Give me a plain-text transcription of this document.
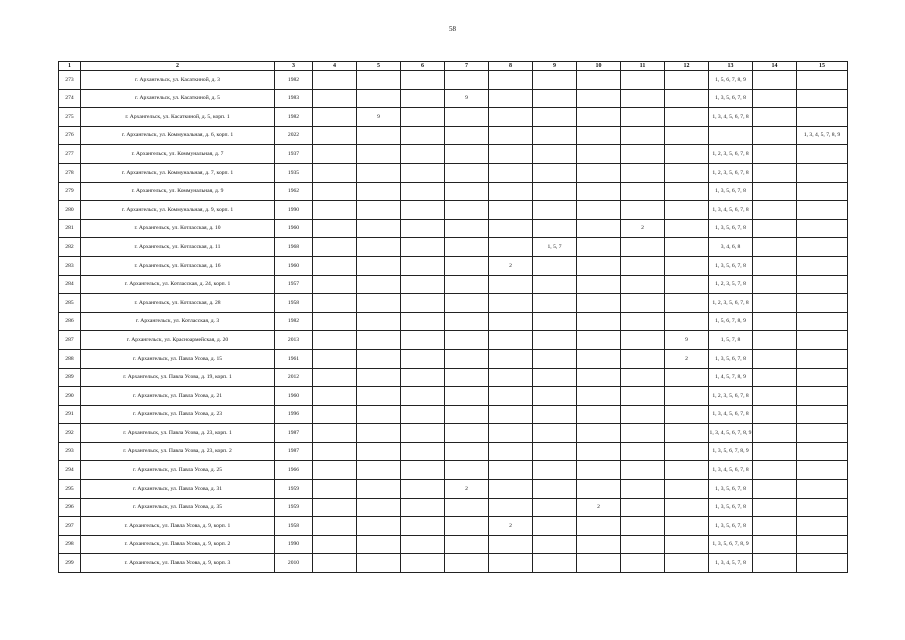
58
1	2	3	4	5	6	7	8	9	10	11	12	13	14	15
273	г. Архангельск, ул. Касаткиной, д. 3	1982										1, 5, 6, 7, 8, 9		
274	г. Архангельск, ул. Касаткиной, д. 5	1983				9						1, 3, 5, 6, 7, 8		
275	г. Архангельск, ул. Касаткиной, д. 5, корп. 1	1982		9								1, 3, 4, 5, 6, 7, 8		
276	г. Архангельск, ул. Коммунальная, д. 6, корп. 1	2022												1, 3, 4, 5, 7, 8, 9
277	г. Архангельск, ул. Коммунальная, д. 7	1937										1, 2, 3, 5, 6, 7, 8		
278	г. Архангельск, ул. Коммунальная, д. 7, корп. 1	1935										1, 2, 3, 5, 6, 7, 8		
279	г. Архангельск, ул. Коммунальная, д. 9	1962										1, 3, 5, 6, 7, 8		
280	г. Архангельск, ул. Коммунальная, д. 9, корп. 1	1990										1, 3, 4, 5, 6, 7, 8		
281	г. Архангельск, ул. Котласская, д. 10	1960								2		1, 3, 5, 6, 7, 8		
282	г. Архангельск, ул. Котласская, д. 11	1968						1, 5, 7				3, 4, 6, 8		
283	г. Архангельск, ул. Котласская, д. 16	1960					2					1, 3, 5, 6, 7, 8		
284	г. Архангельск, ул. Котласская, д. 24, корп. 1	1957										1, 2, 3, 5, 7, 8		
285	г. Архангельск, ул. Котласская, д. 28	1958										1, 2, 3, 5, 6, 7, 8		
286	г. Архангельск, ул. Котласская, д. 3	1982										1, 5, 6, 7, 8, 9		
287	г. Архангельск, ул. Красноармейская, д. 20	2013									9	1, 5, 7, 8		
288	г. Архангельск, ул. Павла Усова, д. 15	1961									2	1, 3, 5, 6, 7, 8		
289	г. Архангельск, ул. Павла Усова, д. 19, корп. 1	2012										1, 4, 5, 7, 8, 9		
290	г. Архангельск, ул. Павла Усова, д. 21	1960										1, 2, 3, 5, 6, 7, 8		
291	г. Архангельск, ул. Павла Усова, д. 23	1996										1, 3, 4, 5, 6, 7, 8		
292	г. Архангельск, ул. Павла Усова, д. 23, корп. 1	1987										1, 3, 4, 5, 6, 7, 8, 9		
293	г. Архангельск, ул. Павла Усова, д. 23, корп. 2	1987										1, 3, 5, 6, 7, 8, 9		
294	г. Архангельск, ул. Павла Усова, д. 25	1966										1, 3, 4, 5, 6, 7, 8		
295	г. Архангельск, ул. Павла Усова, д. 31	1959				2						1, 3, 5, 6, 7, 8		
296	г. Архангельск, ул. Павла Усова, д. 35	1959							2			1, 3, 5, 6, 7, 8		
297	г. Архангельск, ул. Павла Усова, д. 9, корп. 1	1958					2					1, 3, 5, 6, 7, 8		
298	г. Архангельск, ул. Павла Усова, д. 9, корп. 2	1990										1, 3, 5, 6, 7, 8, 9		
299	г. Архангельск, ул. Павла Усова, д. 9, корп. 3	2010										1, 3, 4, 5, 7, 8		
